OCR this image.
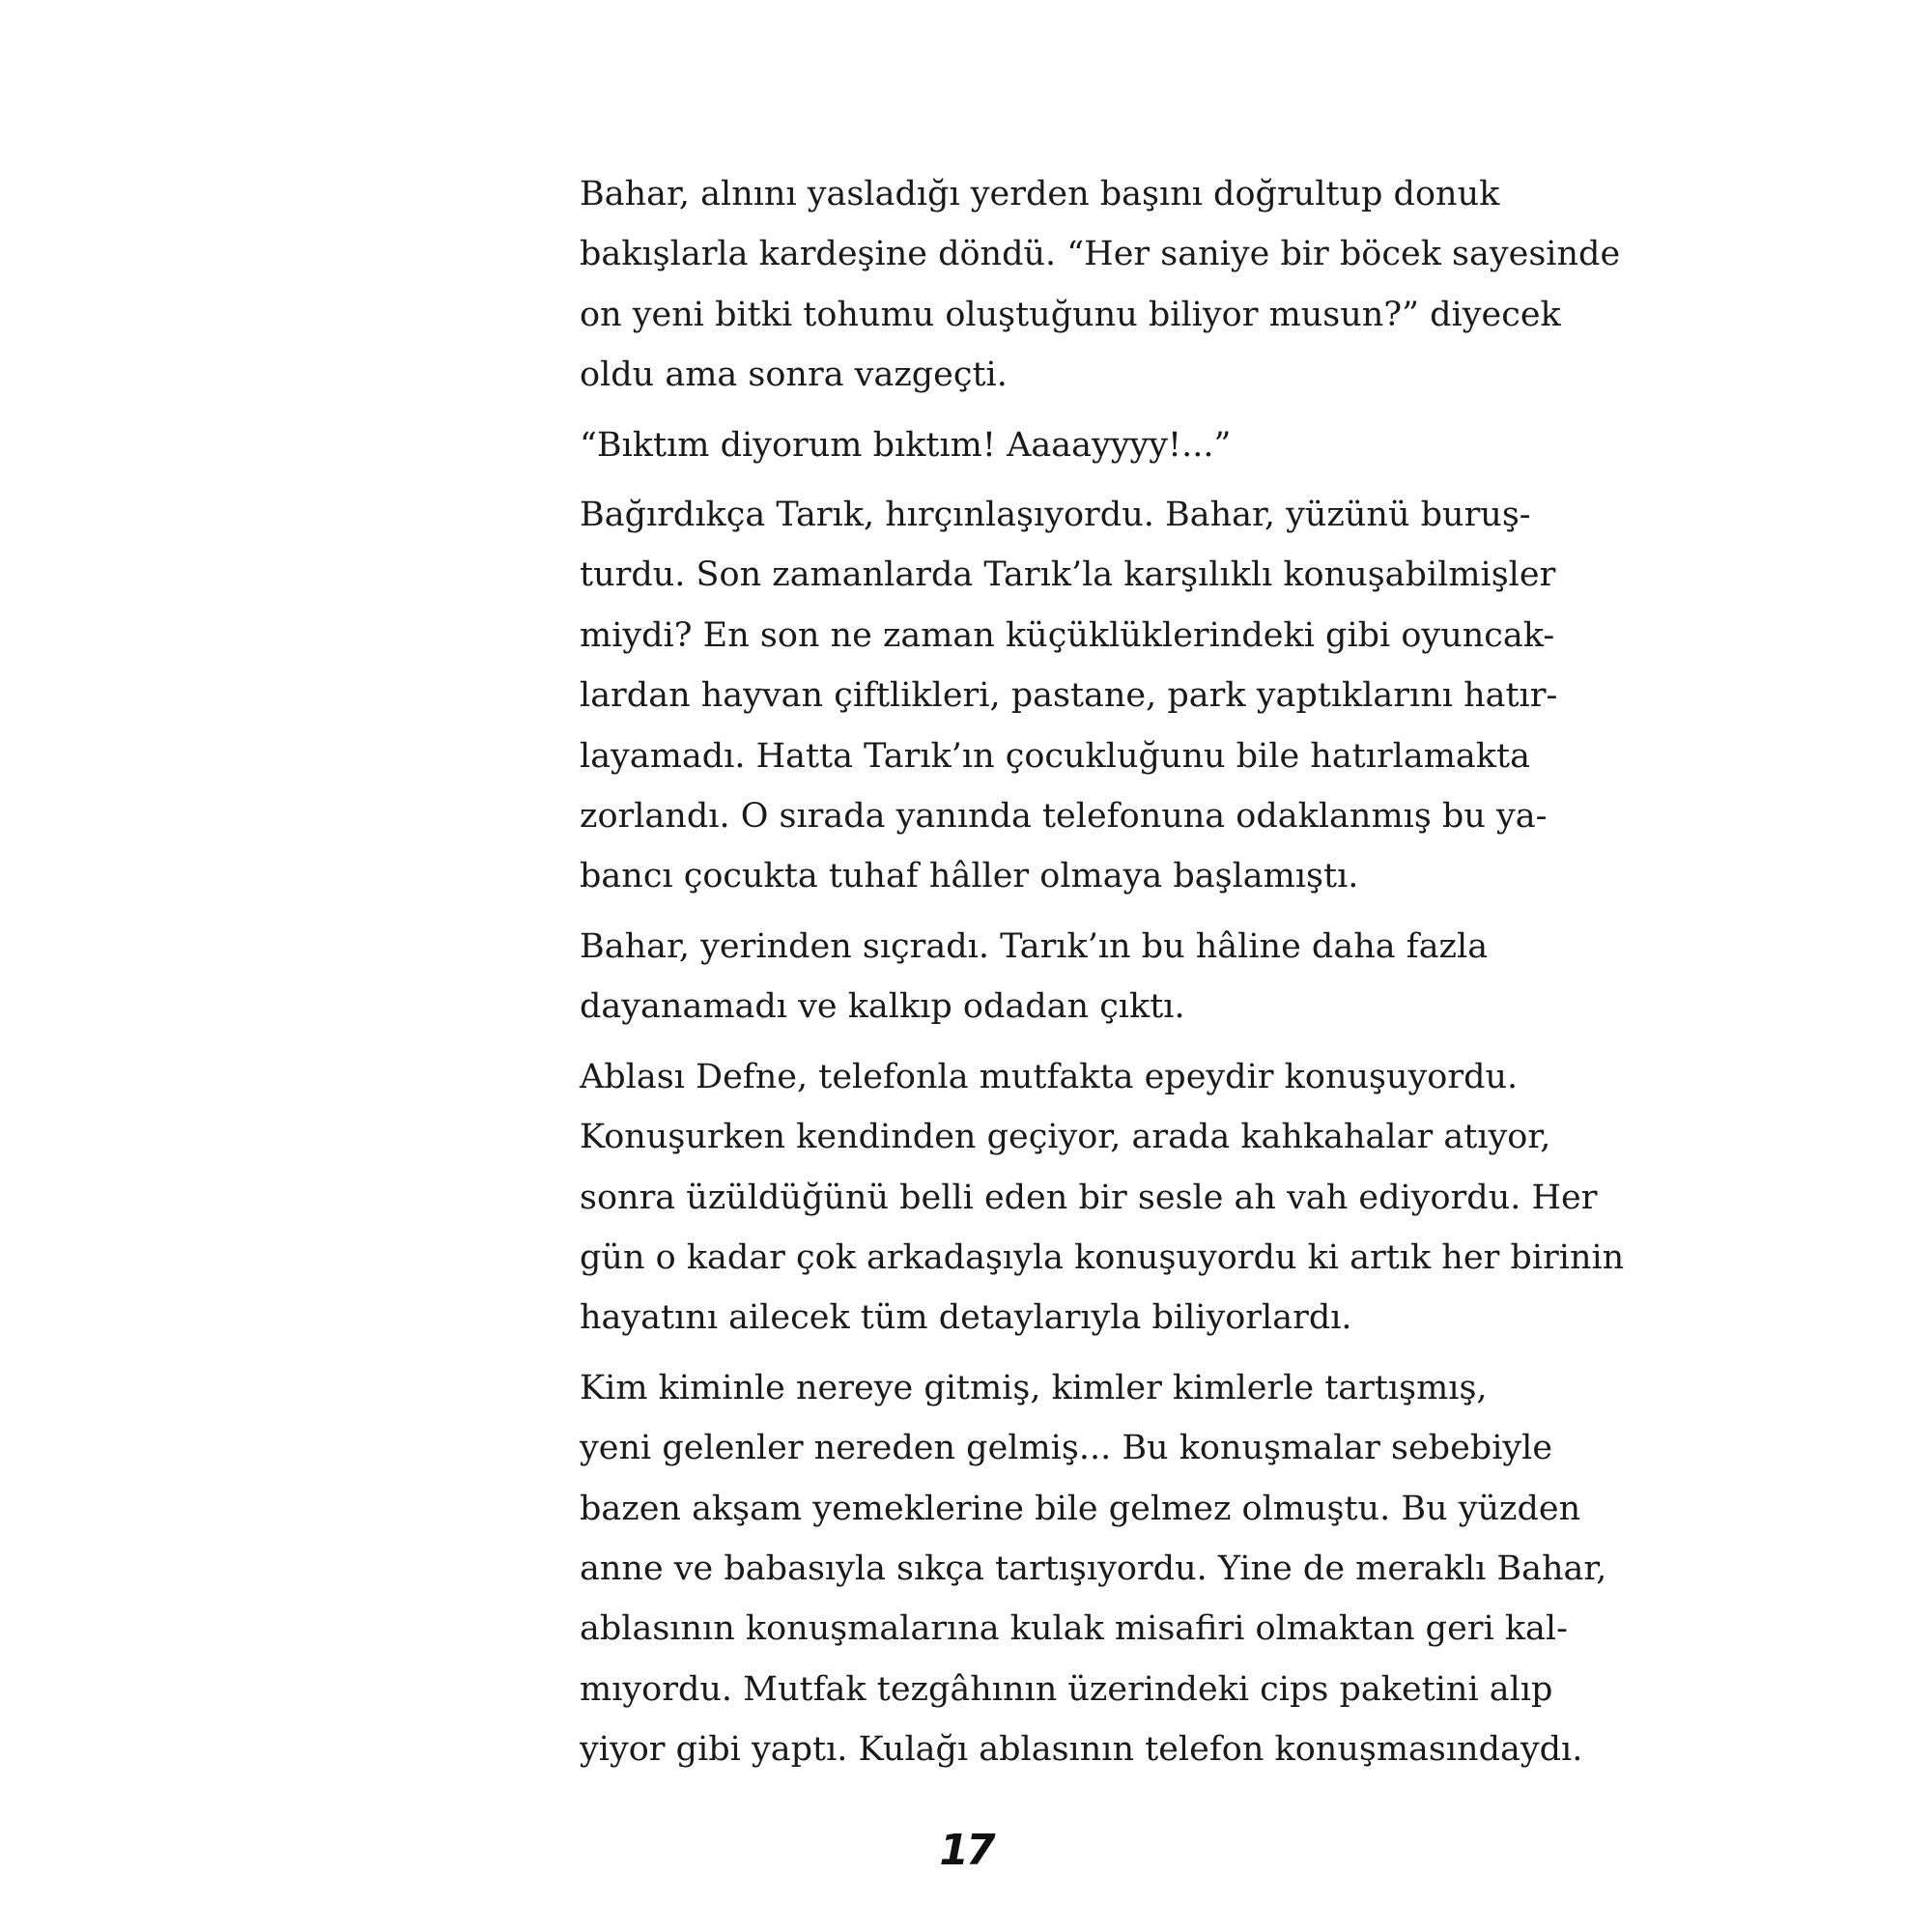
Bahar, alnını yasladığı yerden başını doğrultup donuk
bakışlarla kardeşine döndü. “Her saniye bir böcek sayesinde
on yeni bitki tohumu oluştuğunu biliyor musun?” diyecek
oldu ama sonra vazgeçti.

“Bıktım diyorum bıktım! Aaaayyyy!...”

Bağırdıkça Tarık, hırçınlaşıyordu. Bahar, yüzünü buruş-
turdu. Son zamanlarda Tarık’la karşılıklı konuşabilmişler
miydi? En son ne zaman küçüklüklerindeki gibi oyuncak-
lardan hayvan çiftlikleri, pastane, park yaptıklarını hatır-
layamadı. Hatta Tarık’ın çocukluğunu bile hatırlamakta
zorlandı. O sırada yanında telefonuna odaklanmış bu ya-
bancı çocukta tuhaf hâller olmaya başlamıştı.

Bahar, yerinden sıçradı. Tarık’ın bu hâline daha fazla
dayanamadı ve kalkıp odadan çıktı.

Ablası Defne, telefonla mutfakta epeydir konuşuyordu.
Konuşurken kendinden geçiyor, arada kahkahalar atıyor,
sonra üzüldüğünü belli eden bir sesle ah vah ediyordu. Her
gün o kadar çok arkadaşıyla konuşuyordu ki artık her birinin
hayatını ailecek tüm detaylarıyla biliyorlardı.

Kim kiminle nereye gitmiş, kimler kimlerle tartışmış,
yeni gelenler nereden gelmiş... Bu konuşmalar sebebiyle
bazen akşam yemeklerine bile gelmez olmuştu. Bu yüzden
anne ve babasıyla sıkça tartışıyordu. Yine de meraklı Bahar,
ablasının konuşmalarına kulak misafiri olmaktan geri kal-
mıyordu. Mutfak tezgâhının üzerindeki cips paketini alıp
yiyor gibi yaptı. Kulağı ablasının telefon konuşmasındaydı.

17
